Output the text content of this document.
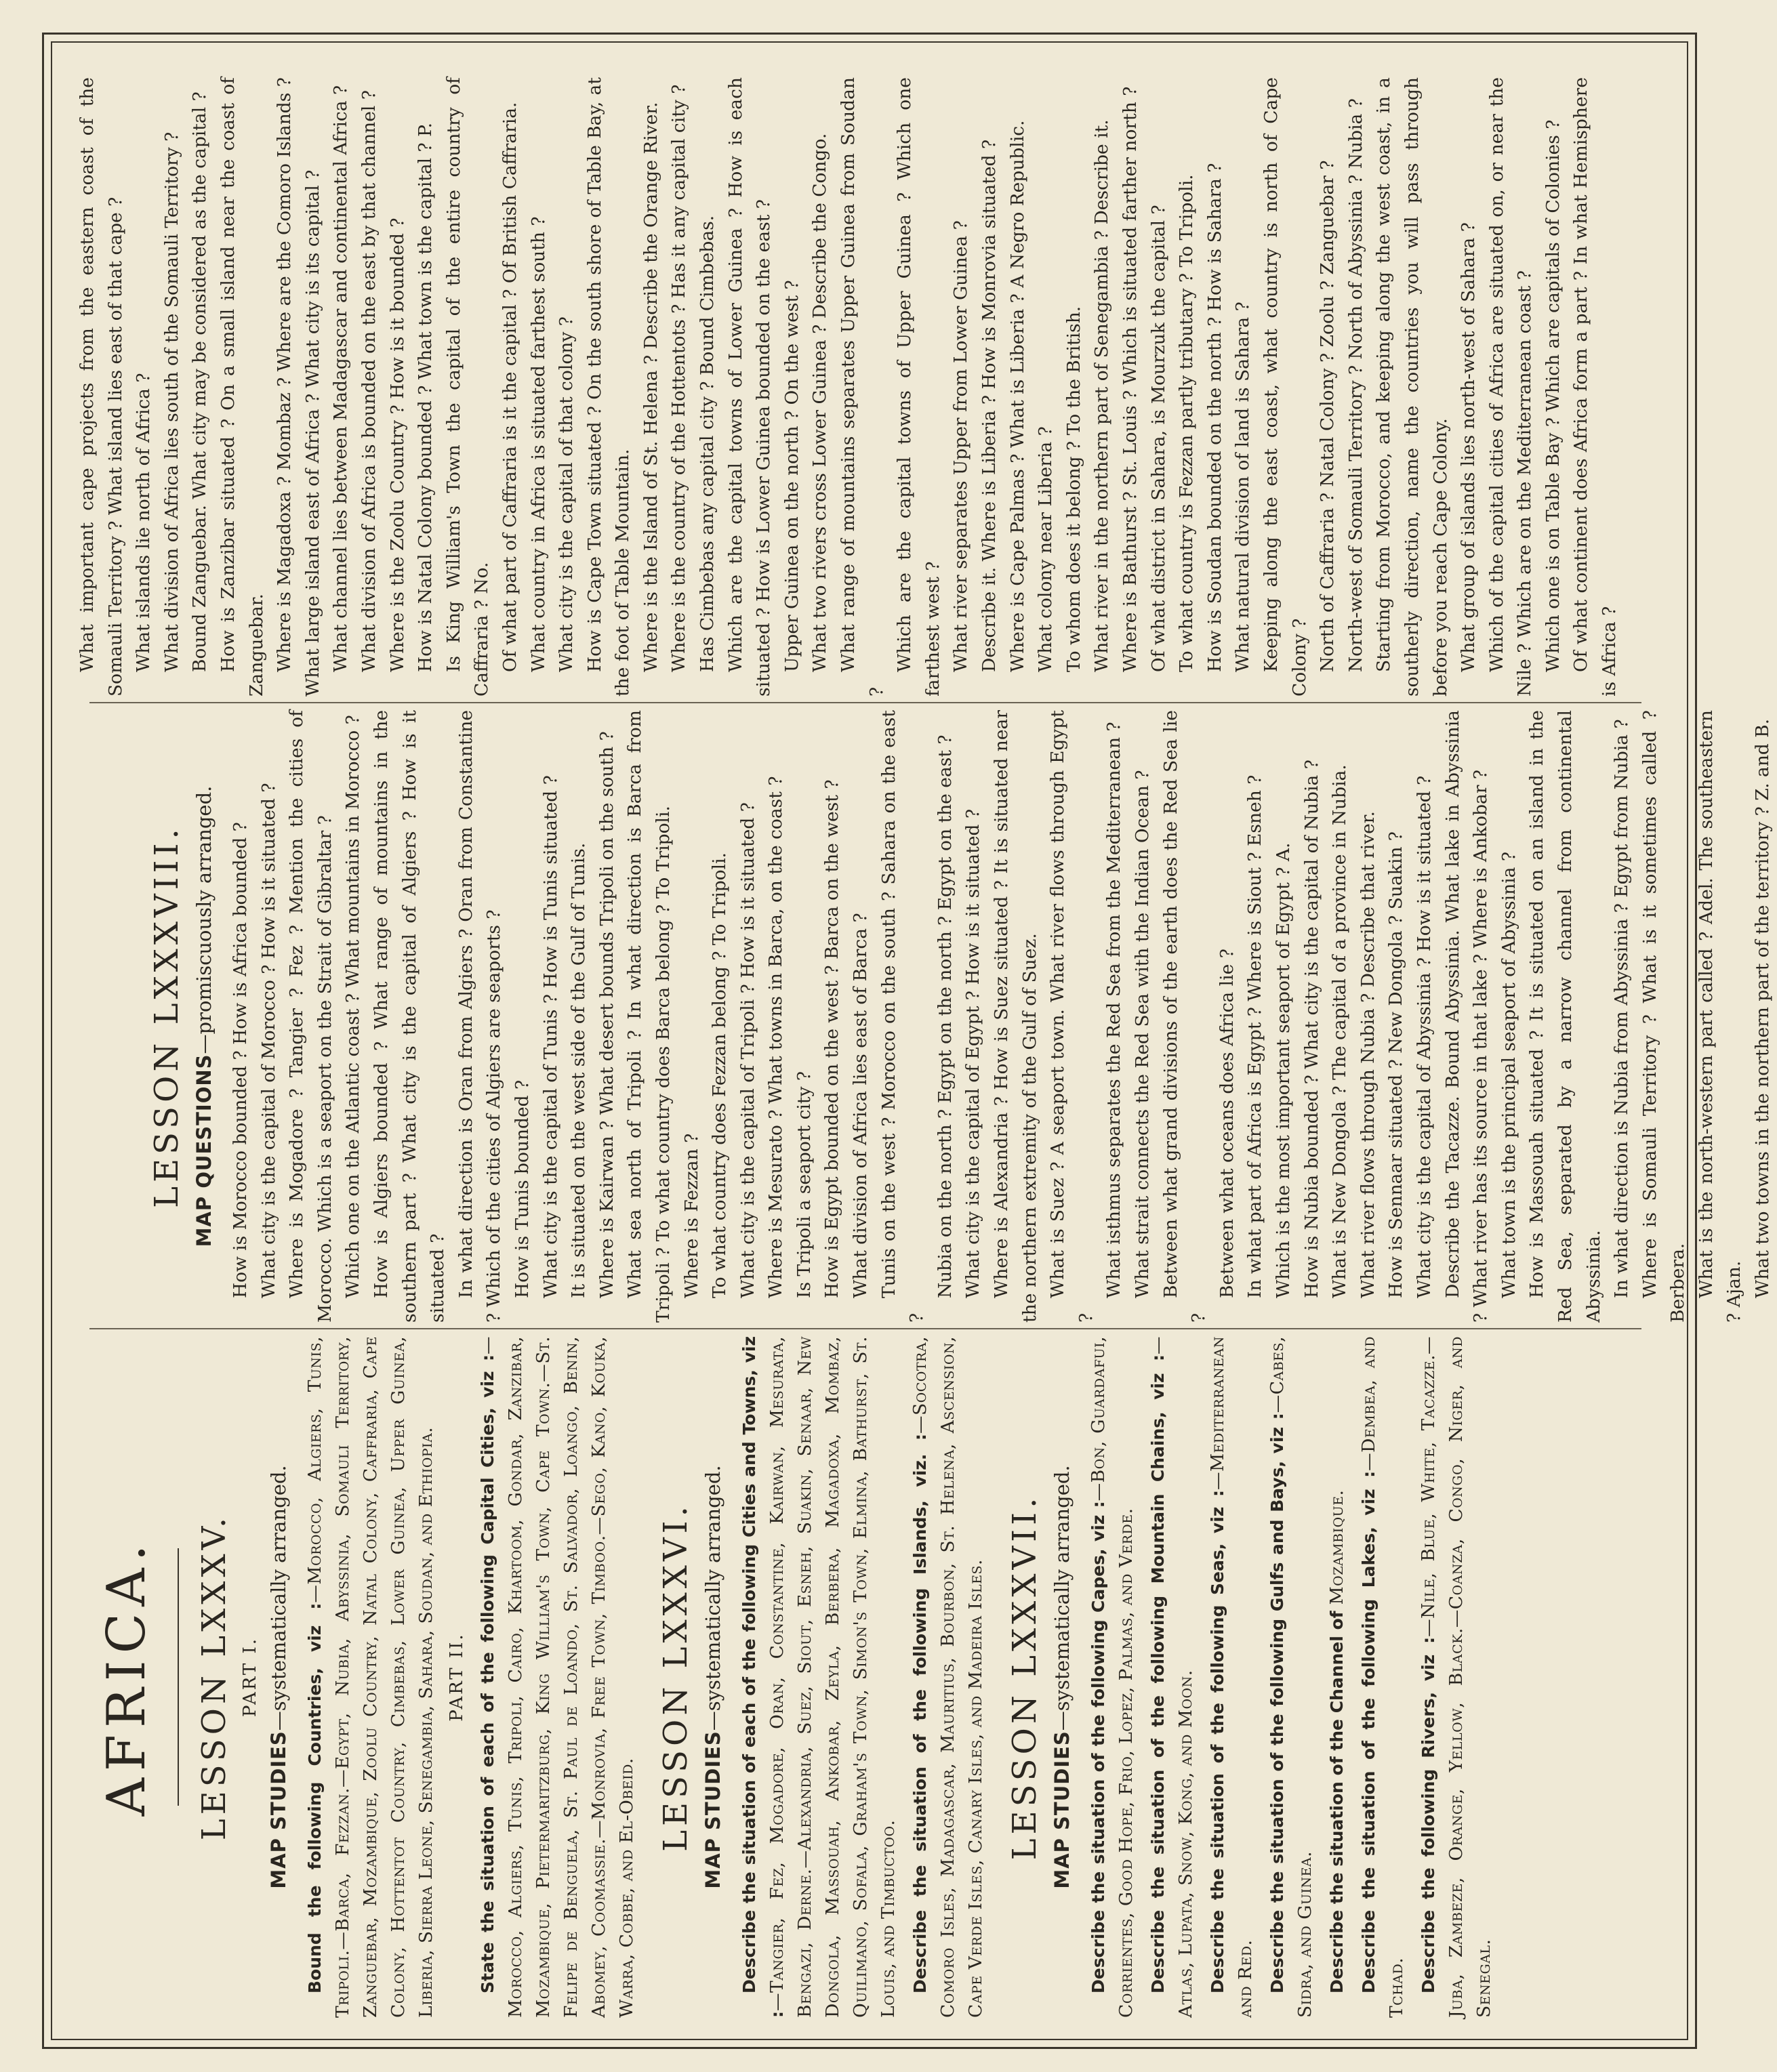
AFRICA. LESSON LXXXV. PART I.
MAP STUDIES—systematically arranged.

Bound the following Countries, viz :—Morocco, Algiers, Tunis, Tripoli.—Barca, Fezzan.—Egypt, Nubia, Abyssinia, Somauli Territory, Zanguebar, Mozambique, Zoolu Country, Natal Colony, Caffraria, Cape Colony, Hottentot Country, Cimbebas, Lower Guinea, Upper Guinea, Liberia, Sierra Leone, Senegambia, Sahara, Soudan, and Ethiopia. PART II. State the situation of each of the following Capital Cities, viz :—Morocco, Algiers, Tunis, Tripoli, Cairo, Khartoom, Gondar, Zanzibar, Mozambique, Pietermaritzburg, King William's Town, Cape Town.—St. Felipe de Benguela, St. Paul de Loando, St. Salvador, Loango, Benin, Abomey, Coomassie.—Monrovia, Free Town, Timboo.—Sego, Kano, Kouka, Warra, Cobbe, and El-Obeid.

LESSON LXXXVI. MAP STUDIES—systematically arranged. Describe the situation of each of the following Cities and Towns, viz :—Tangier, Fez, Mogadore, Oran, Constantine, Kairwan, Mesurata, Bengazi, Derne.—Alexandria, Suez, Siout, Esneh, Suakin, Senaar, New Dongola, Massouah, Ankobar, Zeyla, Berbera, Magadoxa, Mombaz, Quilimano, Sofala, Graham's Town, Simon's Town, Elmina, Bathurst, St. Louis, and Timbuctoo. Describe the situation of the following Islands, viz. :—Socotra, Comoro Isles, Madagascar, Mauritius, Bourbon, St. Helena, Ascension, Cape Verde Isles, Canary Isles, and Madeira Isles. LESSON LXXXVII. MAP STUDIES—systematically arranged. Describe the situation of the following Capes, viz :—Bon, Guardafui, Corrientes, Good Hope, Frio, Lopez, Palmas, and Verde. Describe the situation of the following Mountain Chains, viz :—Atlas, Lupata, Snow, Kong, and Moon. Describe the situation of the following Seas, viz :—Mediterranean and Red. Describe the situation of the following Gulfs and Bays, viz :—Cabes, Sidra, and Guinea. Describe the situation of the Channel of Mozambique. Describe the situation of the following Lakes, viz :—Dembea, and Tchad. Describe the following Rivers, viz :—Nile, Blue, White, Tacazze.—Juba, Zambeze, Orange, Yellow, Black.—Coanza, Congo, Niger, and Senegal.

LESSON LXXXVIII. MAP QUESTIONS—promiscuously arranged. How is Morocco bounded ? How is Africa bounded ? What city is the capital of Morocco ? How is it situated ? Where is Mogadore ? Tangier ? Fez ? Mention the cities of Morocco. Which is a seaport on the Strait of Gibraltar ? Which one on the Atlantic coast ? What mountains in Morocco ? How is Algiers bounded ? What range of mountains in the southern part ? What city is the capital of Algiers ? How is it situated ? In what direction is Oran from Algiers ? Oran from Constantine ? Which of the cities of Algiers are seaports ? How is Tunis bounded ? What city is the capital of Tunis ? How is Tunis situated ? It is situated on the west side of the Gulf of Tunis. Where is Kairwan ? What desert bounds Tripoli on the south ? What sea north of Tripoli ? In what direction is Barca from Tripoli ? To what country does Barca belong ? To Tripoli. Where is Fezzan ? To what country does Fezzan belong ? To Tripoli. What city is the capital of Tripoli ? How is it situated ? Where is Mesurato ? What towns in Barca, on the coast ? Is Tripoli a seaport city ? How is Egypt bounded on the west ? Barca on the west ? What division of Africa lies east of Barca ? Tunis on the west ? Morocco on the south ? Sahara on the east ?

Nubia on the north ? Egypt on the north ? Egypt on the east ? What city is the capital of Egypt ? How is it situated ? Where is Alexandria ? How is Suez situated ? It is situated near the northern extremity of the Gulf of Suez. What is Suez ? A seaport town. What river flows through Egypt ?

What isthmus separates the Red Sea from the Mediterranean ? What strait connects the Red Sea with the Indian Ocean ? Between what grand divisions of the earth does the Red Sea lie ?

Between what oceans does Africa lie ? In what part of Africa is Egypt ? Where is Siout ? Esneh ? Which is the most important seaport of Egypt ? A. How is Nubia bounded ? What city is the capital of Nubia ? What is New Dongola ? The capital of a province in Nubia. What river flows through Nubia ? Describe that river. How is Sennaar situated ? New Dongola ? Suakin ? What city is the capital of Abyssinia ? How is it situated ? Describe the Tacazze. Bound Abyssinia. What lake in Abyssinia ? What river has its source in that lake ? Where is Ankobar ? What town is the principal seaport of Abyssinia ? How is Massouah situated ? It is situated on an island in the Red Sea, separated by a narrow channel from continental Abyssinia. In what direction is Nubia from Abyssinia ? Egypt from Nubia ? Where is Somauli Territory ? What is it sometimes called ? Berbera. What is the north-western part called ? Adel. The southeastern ? Ajan. What two towns in the northern part of the territory ? Z. and B.

What important cape projects from the eastern coast of the Somauli Territory ? What island lies east of that cape ? What islands lie north of Africa ? What division of Africa lies south of the Somauli Territory ? Bound Zanguebar. What city may be considered as the capital ? How is Zanzibar situated ? On a small island near the coast of Zanguebar. Where is Magadoxa ? Mombaz ? Where are the Comoro Islands ? What large island east of Africa ? What city is its capital ? What channel lies between Madagascar and continental Africa ? What division of Africa is bounded on the east by that channel ? Where is the Zoolu Country ? How is it bounded ? How is Natal Colony bounded ? What town is the capital ? P. Is King William's Town the capital of the entire country of Caffraria ? No. Of what part of Caffraria is it the capital ? Of British Caffraria. What country in Africa is situated farthest south ? What city is the capital of that colony ? How is Cape Town situated ? On the south shore of Table Bay, at the foot of Table Mountain. Where is the Island of St. Helena ? Describe the Orange River. Where is the country of the Hottentots ? Has it any capital city ? Has Cimbebas any capital city ? Bound Cimbebas. Which are the capital towns of Lower Guinea ? How is each situated ? How is Lower Guinea bounded on the east ? Upper Guinea on the north ? On the west ? What two rivers cross Lower Guinea ? Describe the Congo. What range of mountains separates Upper Guinea from Soudan ?

Which are the capital towns of Upper Guinea ? Which one farthest west ? What river separates Upper from Lower Guinea ? Describe it. Where is Liberia ? How is Monrovia situated ? Where is Cape Palmas ? What is Liberia ? A Negro Republic. What colony near Liberia ? To whom does it belong ? To the British. What river in the northern part of Senegambia ? Describe it. Where is Bathurst ? St. Louis ? Which is situated farther north ? Of what district in Sahara, is Mourzuk the capital ? To what country is Fezzan partly tributary ? To Tripoli. How is Soudan bounded on the north ? How is Sahara ? What natural division of land is Sahara ? Keeping along the east coast, what country is north of Cape Colony ? North of Caffraria ? Natal Colony ? Zoolu ? Zanguebar ? North-west of Somauli Territory ? North of Abyssinia ? Nubia ? Starting from Morocco, and keeping along the west coast, in a southerly direction, name the countries you will pass through before you reach Cape Colony. What group of islands lies north-west of Sahara ? Which of the capital cities of Africa are situated on, or near the Nile ? Which are on the Mediterranean coast ? Which one is on Table Bay ? Which are capitals of Colonies ? Of what continent does Africa form a part ? In what Hemisphere is Africa ?
